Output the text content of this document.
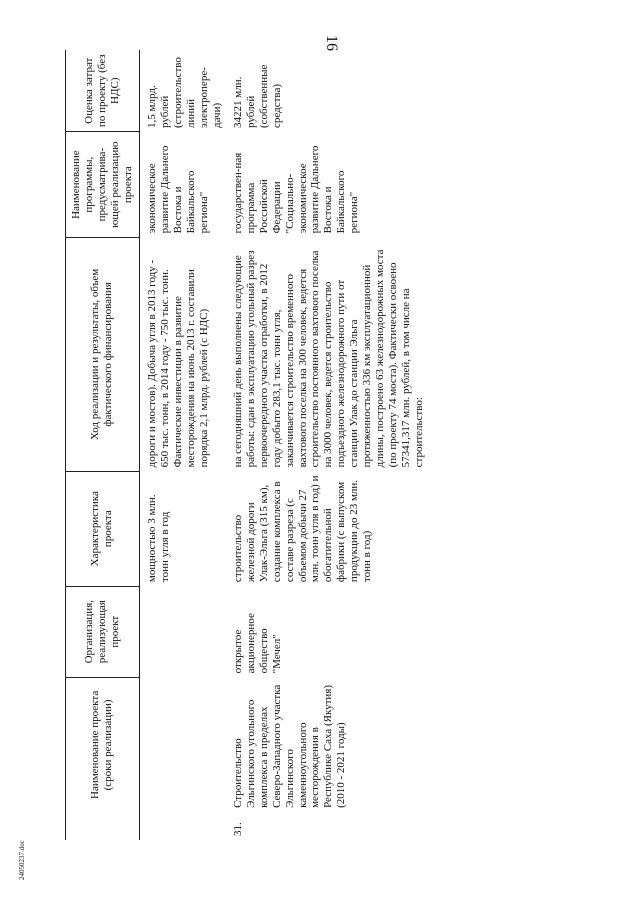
16
	Наименование проекта (сроки реализации)	Организация, реализующая проект	Характеристика проекта	Ход реализации и результаты, объем фактического финансирования	Наименование программы, предусматрива-ющей реализацию проекта	Оценка затрат по проекту (без НДС)
			мощностью 3 млн. тонн угля в год	дороги и мостов). Добыча угля в 2013 году - 650 тыс. тонн, в 2014 году - 750 тыс. тонн. Фактические инвестиции в развитие месторождения на июнь 2013 г. составили порядка 2,1 млрд. рублей (с НДС)	экономическое развитие Дальнего Востока и Байкальского региона"	1,5 млрд. рублей (строительство линий электропере-дачи)
31.	Строительство Эльгинского угольного комплекса в пределах Северо-Западного участка Эльгинского каменноугольного месторождения в Республике Саха (Якутия) (2010 - 2021 годы)	открытое акционерное общество "Мечел"	строительство железной дороги Улак-Эльга (315 км), создание комплекса в составе разреза (с объемом добычи 27 млн. тонн угля в год) и обогатительной фабрики (с выпуском продукции до 23 млн. тонн в год)	на сегодняшний день выполнены следующие работы: сдан в эксплуатацию угольный разрез первоочередного участка отработки, в 2012 году добыто 283,1 тыс. тонн угля, заканчивается строительство временного вахтового поселка на 300 человек, ведется строительство постоянного вахтового поселка на 3000 человек, ведется строительство подъездного железнодорожного пути от станции Улак до станции Эльга протяженностью 336 км эксплуатационной длины, построено 63 железнодорожных моста (по проекту 74 моста). Фактически освоено 57341,317 млн. рублей, в том числе на строительство:	государствен-ная программа Российской Федерации "Социально-экономическое развитие Дальнего Востока и Байкальского региона"	34221 млн. рублей (собственные средства)
24050237.doc
